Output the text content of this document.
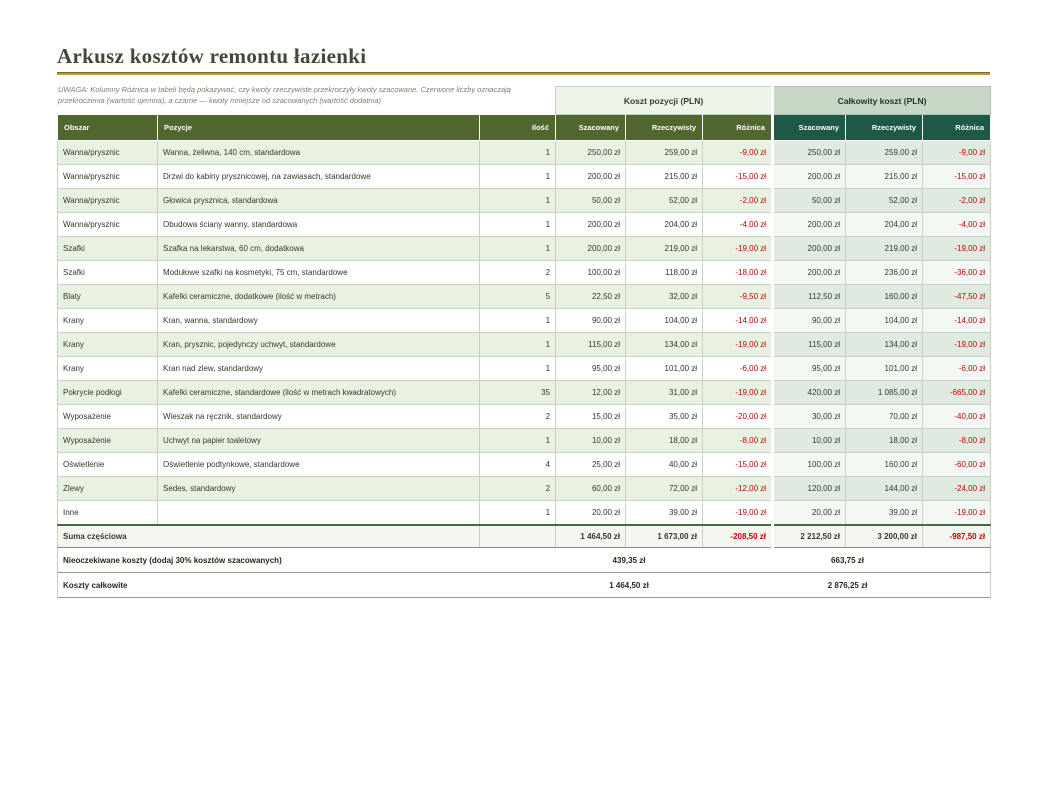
Arkusz kosztów remontu łazienki
UWAGA: Kolumny Różnica w tabeli będą pokazywać, czy kwoty rzeczywiste przekroczyły kwoty szacowane. Czerwone liczby oznaczają
przekroczenia (wartość ujemna), a czarne — kwoty mniejsze od szacowanych (wartość dodatnia)
			Koszt pozycji (PLN)			Całkowity koszt (PLN)		
Obszar	Pozycje	Ilość	Szacowany	Rzeczywisty	Różnica	Szacowany	Rzeczywisty	Różnica
Wanna/prysznic	Wanna, żeliwna, 140 cm, standardowa	1	250,00 zł	259,00 zł	-9,00 zł	250,00 zł	259,00 zł	-9,00 zł
Wanna/prysznic	Drzwi do kabiny prysznicowej, na zawiasach, standardowe	1	200,00 zł	215,00 zł	-15,00 zł	200,00 zł	215,00 zł	-15,00 zł
Wanna/prysznic	Głowica prysznica, standardowa	1	50,00 zł	52,00 zł	-2,00 zł	50,00 zł	52,00 zł	-2,00 zł
Wanna/prysznic	Obudowa ściany wanny, standardowa	1	200,00 zł	204,00 zł	-4,00 zł	200,00 zł	204,00 zł	-4,00 zł
Szafki	Szafka na lekarstwa, 60 cm, dodatkowa	1	200,00 zł	219,00 zł	-19,00 zł	200,00 zł	219,00 zł	-19,00 zł
Szafki	Modułowe szafki na kosmetyki, 75 cm, standardowe	2	100,00 zł	118,00 zł	-18,00 zł	200,00 zł	236,00 zł	-36,00 zł
Blaty	Kafelki ceramiczne, dodatkowe (ilość w metrach)	5	22,50 zł	32,00 zł	-9,50 zł	112,50 zł	160,00 zł	-47,50 zł
Krany	Kran, wanna, standardowy	1	90,00 zł	104,00 zł	-14,00 zł	90,00 zł	104,00 zł	-14,00 zł
Krany	Kran, prysznic, pojedynczy uchwyt, standardowe	1	115,00 zł	134,00 zł	-19,00 zł	115,00 zł	134,00 zł	-19,00 zł
Krany	Kran nad zlew, standardowy	1	95,00 zł	101,00 zł	-6,00 zł	95,00 zł	101,00 zł	-6,00 zł
Pokrycie podłogi	Kafelki ceramiczne, standardowe (ilość w metrach kwadratowych)	35	12,00 zł	31,00 zł	-19,00 zł	420,00 zł	1 085,00 zł	-665,00 zł
Wyposażenie	Wieszak na ręcznik, standardowy	2	15,00 zł	35,00 zł	-20,00 zł	30,00 zł	70,00 zł	-40,00 zł
Wyposażenie	Uchwyt na papier toaletowy	1	10,00 zł	18,00 zł	-8,00 zł	10,00 zł	18,00 zł	-8,00 zł
Oświetlenie	Oświetlenie podtynkowe, standardowe	4	25,00 zł	40,00 zł	-15,00 zł	100,00 zł	160,00 zł	-60,00 zł
Zlewy	Sedes, standardowy	2	60,00 zł	72,00 zł	-12,00 zł	120,00 zł	144,00 zł	-24,00 zł
Inne		1	20,00 zł	39,00 zł	-19,00 zł	20,00 zł	39,00 zł	-19,00 zł
Suma częściowa			1 464,50 zł	1 673,00 zł	-208,50 zł	2 212,50 zł	3 200,00 zł	-987,50 zł
Nieoczekiwane koszty (dodaj 30% kosztów szacowanych)			439,35 zł			663,75 zł		
Koszty całkowite			1 464,50 zł			2 876,25 zł		
